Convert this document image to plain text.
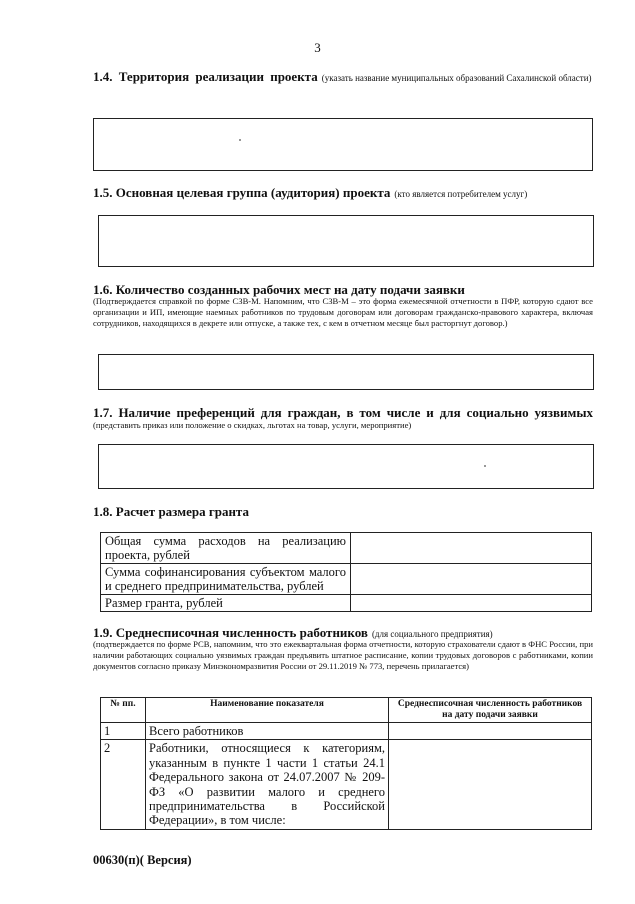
3
1.4. Территория реализации проекта (указать название муниципальных образований Сахалинской области)
1.5. Основная целевая группа (аудитория) проекта (кто является потребителем услуг)
1.6. Количество созданных рабочих мест на дату подачи заявки
(Подтверждается справкой по форме СЗВ-М. Напомним, что СЗВ-М – это форма ежемесячной отчетности в ПФР, которую сдают все организации и ИП, имеющие наемных работников по трудовым договорам или договорам гражданско-правового характера, включая сотрудников, находящихся в декрете или отпуске, а также тех, с кем в отчетном месяце был расторгнут договор.)
1.7. Наличие преференций для граждан, в том числе и для социально уязвимых
(представить приказ или положение о скидках, льготах на товар, услуги, мероприятие)
1.8. Расчет размера гранта
Общая сумма расходов на реализацию проекта, рублей	
Сумма софинансирования субъектом малого и среднего предпринимательства, рублей	
Размер гранта, рублей	
1.9. Среднесписочная численность работников (для социального предприятия)
(подтверждается по форме РСВ, напомним, что это ежеквартальная форма отчетности, которую страхователи сдают в ФНС России, при наличии работающих социально уязвимых граждан предъявить штатное расписание, копии трудовых договоров с работниками, копии документов согласно приказу Минэкономразвития России от 29.11.2019 № 773, перечень прилагается)
№ пп.	Наименование показателя	Среднесписочная численность работников на дату подачи заявки
1	Всего работников	
2	Работники, относящиеся к категориям, указанным в пункте 1 части 1 статьи 24.1 Федерального закона от 24.07.2007 № 209-ФЗ «О развитии малого и среднего предпринимательства в Российской Федерации», в том числе:	
00630(п)( Версия)
